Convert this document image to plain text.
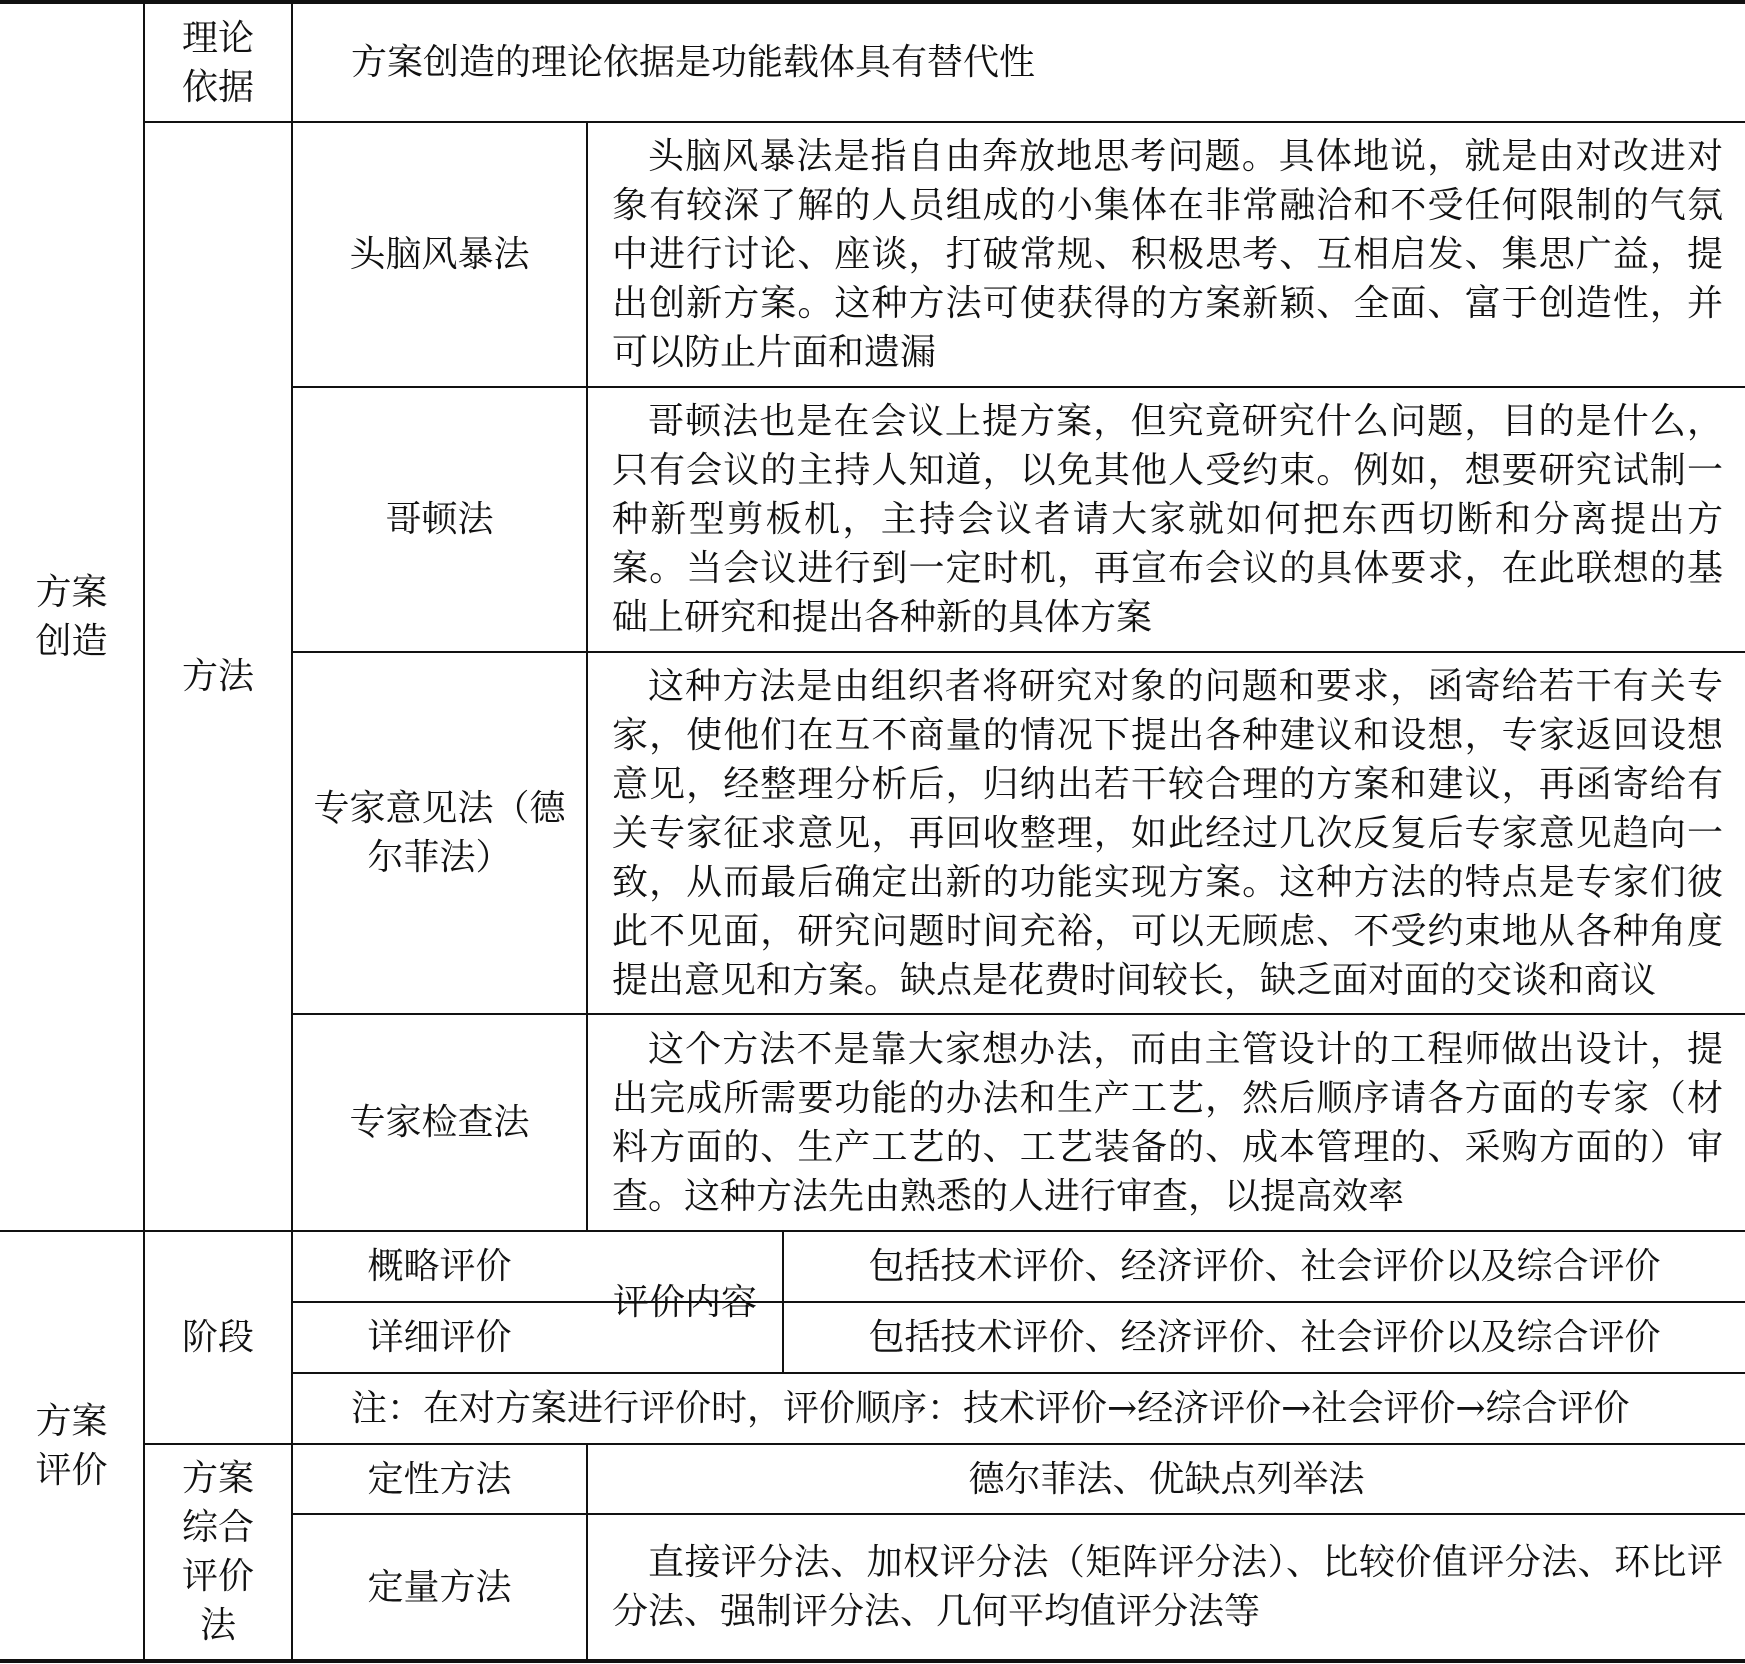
方案
创造
方案
评价
理论
依据
方案创造的理论依据是功能载体具有替代性
方法
头脑风暴法
头脑风暴法是指自由奔放地思考问题。具体地说，就是由对改进对象有较深了解的人员组成的小集体在非常融洽和不受任何限制的气氛中进行讨论、座谈，打破常规、积极思考、互相启发、集思广益，提出创新方案。这种方法可使获得的方案新颖、全面、富于创造性，并可以防止片面和遗漏
哥顿法
哥顿法也是在会议上提方案，但究竟研究什么问题，目的是什么，只有会议的主持人知道，以免其他人受约束。例如，想要研究试制一种新型剪板机，主持会议者请大家就如何把东西切断和分离提出方案。当会议进行到一定时机，再宣布会议的具体要求，在此联想的基础上研究和提出各种新的具体方案
专家意见法（德尔菲法）
这种方法是由组织者将研究对象的问题和要求，函寄给若干有关专家，使他们在互不商量的情况下提出各种建议和设想，专家返回设想意见，经整理分析后，归纳出若干较合理的方案和建议，再函寄给有关专家征求意见，再回收整理，如此经过几次反复后专家意见趋向一致，从而最后确定出新的功能实现方案。这种方法的特点是专家们彼此不见面，研究问题时间充裕，可以无顾虑、不受约束地从各种角度提出意见和方案。缺点是花费时间较长，缺乏面对面的交谈和商议
专家检查法
这个方法不是靠大家想办法，而由主管设计的工程师做出设计，提出完成所需要功能的办法和生产工艺，然后顺序请各方面的专家（材料方面的、生产工艺的、工艺装备的、成本管理的、采购方面的）审查。这种方法先由熟悉的人进行审查，以提高效率
阶段
概略评价
详细评价
评价内容
包括技术评价、经济评价、社会评价以及综合评价
包括技术评价、经济评价、社会评价以及综合评价
注：在对方案进行评价时，评价顺序：技术评价→经济评价→社会评价→综合评价
方案
综合
评价
法
定性方法	德尔菲法、优缺点列举法
定量方法
直接评分法、加权评分法（矩阵评分法）、比较价值评分法、环比评分法、强制评分法、几何平均值评分法等
